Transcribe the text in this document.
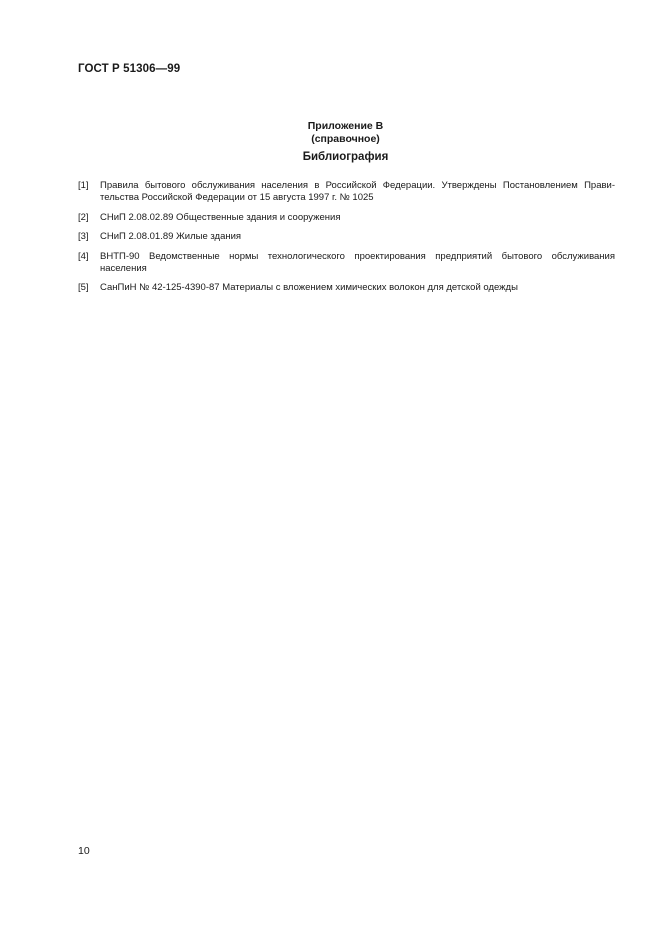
ГОСТ Р 51306—99
Приложение В
(справочное)
Библиография
[1]	Правила бытового обслуживания населения в Российской Федерации. Утверждены Постановлением Прави-
тельства Российской Федерации от 15 августа 1997 г. № 1025
[2]	СНиП 2.08.02.89 Общественные здания и сооружения
[3]	СНиП 2.08.01.89 Жилые здания
[4]	ВНТП-90 Ведомственные нормы технологического проектирования предприятий бытового обслуживания
населения
[5]	СанПиН № 42-125-4390-87 Материалы с вложением химических волокон для детской одежды
10
